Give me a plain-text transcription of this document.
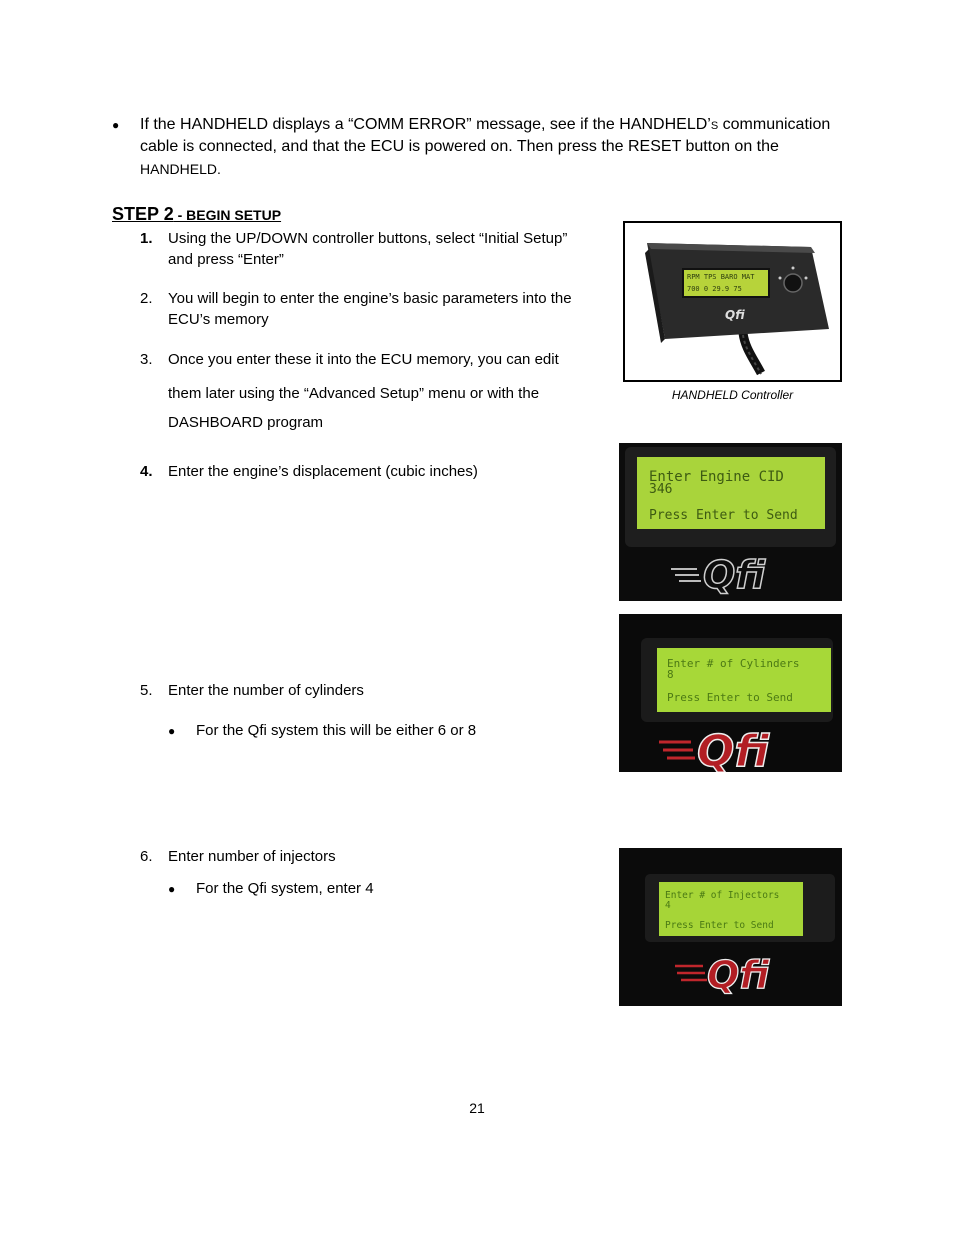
● If the HANDHELD displays a “COMM ERROR” message, see if the HANDHELD’s communication
cable is connected, and that the ECU is powered on. Then press the RESET button on the
HANDHELD.
STEP 2 - BEGIN SETUP
1. Using the UP/DOWN controller buttons, select “Initial Setup”
and press “Enter”
2. You will begin to enter the engine’s basic parameters into the
ECU’s memory
3. Once you enter these it into the ECU memory, you can edit
them later using the “Advanced Setup” menu or with the
DASHBOARD program
4. Enter the engine’s displacement (cubic inches)
5. Enter the number of cylinders
● For the Qfi system this will be either 6 or 8
6. Enter number of injectors
● For the Qfi system, enter 4
RPM TPS BARO MAT
700 0 29.9 75
Qfi
HANDHELD Controller
Enter Engine CID
346
Press Enter to Send
Qfi
Enter # of Cylinders
8
Press Enter to Send
Qfi
Enter # of Injectors
4
Press Enter to Send
Qfi
21
